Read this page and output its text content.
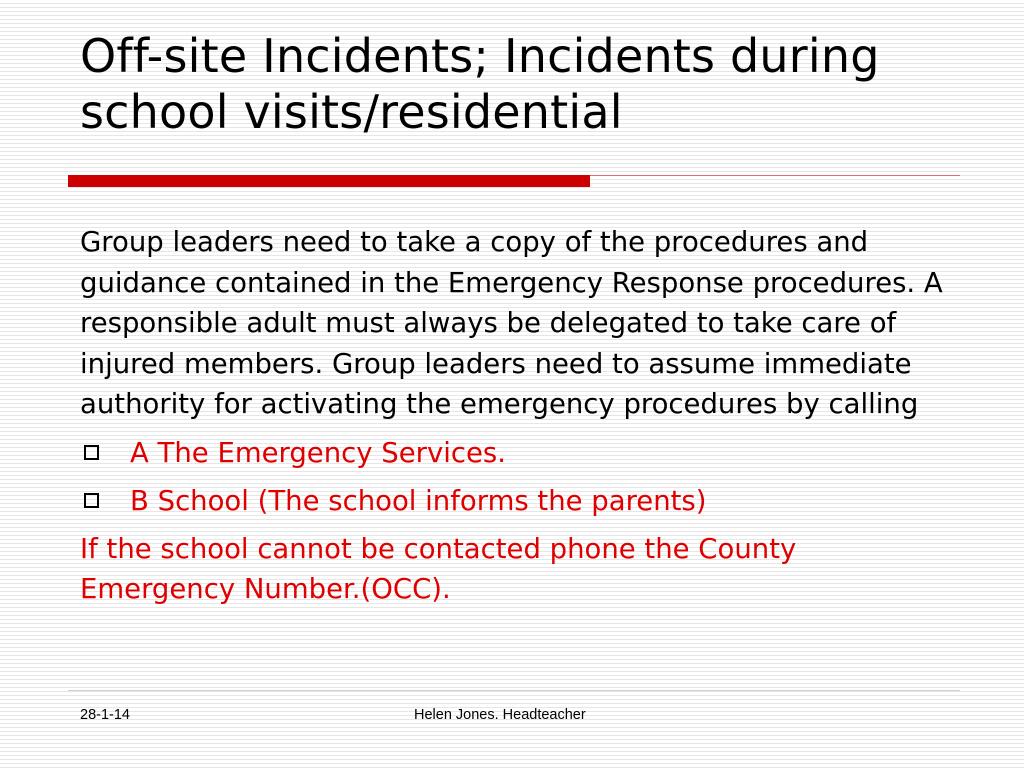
Off-site Incidents; Incidents during school visits/residential

Group leaders need to take a copy of the procedures and guidance contained in the Emergency Response procedures. A responsible adult must always be delegated to take care of injured members. Group leaders need to assume immediate authority for activating the emergency procedures by calling

A The Emergency Services.
B School (The school informs the parents)

If the school cannot be contacted phone the County Emergency Number.(OCC).

28-1-14	Helen Jones. Headteacher
